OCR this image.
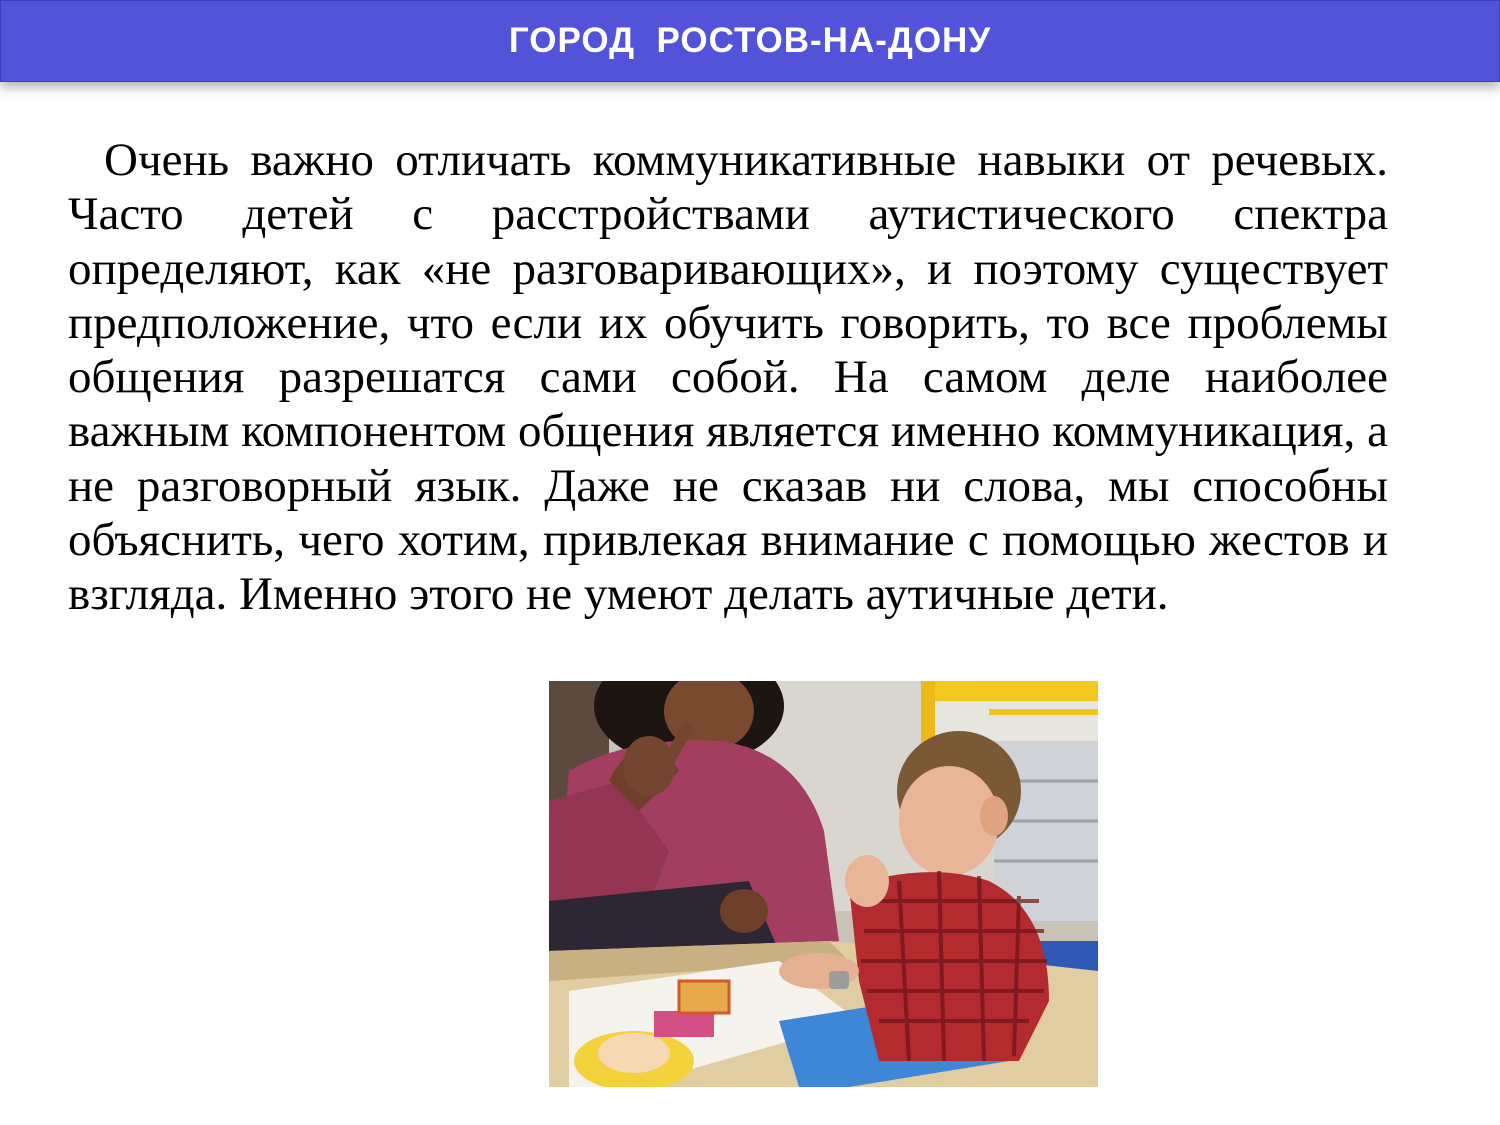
ГОРОД  РОСТОВ-НА-ДОНУ

Очень важно отличать коммуникативные навыки от речевых. Часто детей с расстройствами аутистического спектра определяют, как «не разговаривающих», и поэтому существует предположение, что если их обучить говорить, то все проблемы общения разрешатся сами собой. На самом деле наиболее важным компонентом общения является именно коммуникация, а не разговорный язык. Даже не сказав ни слова, мы способны объяснить, чего хотим, привлекая внимание с помощью жестов и взгляда. Именно этого не умеют делать аутичные дети.
